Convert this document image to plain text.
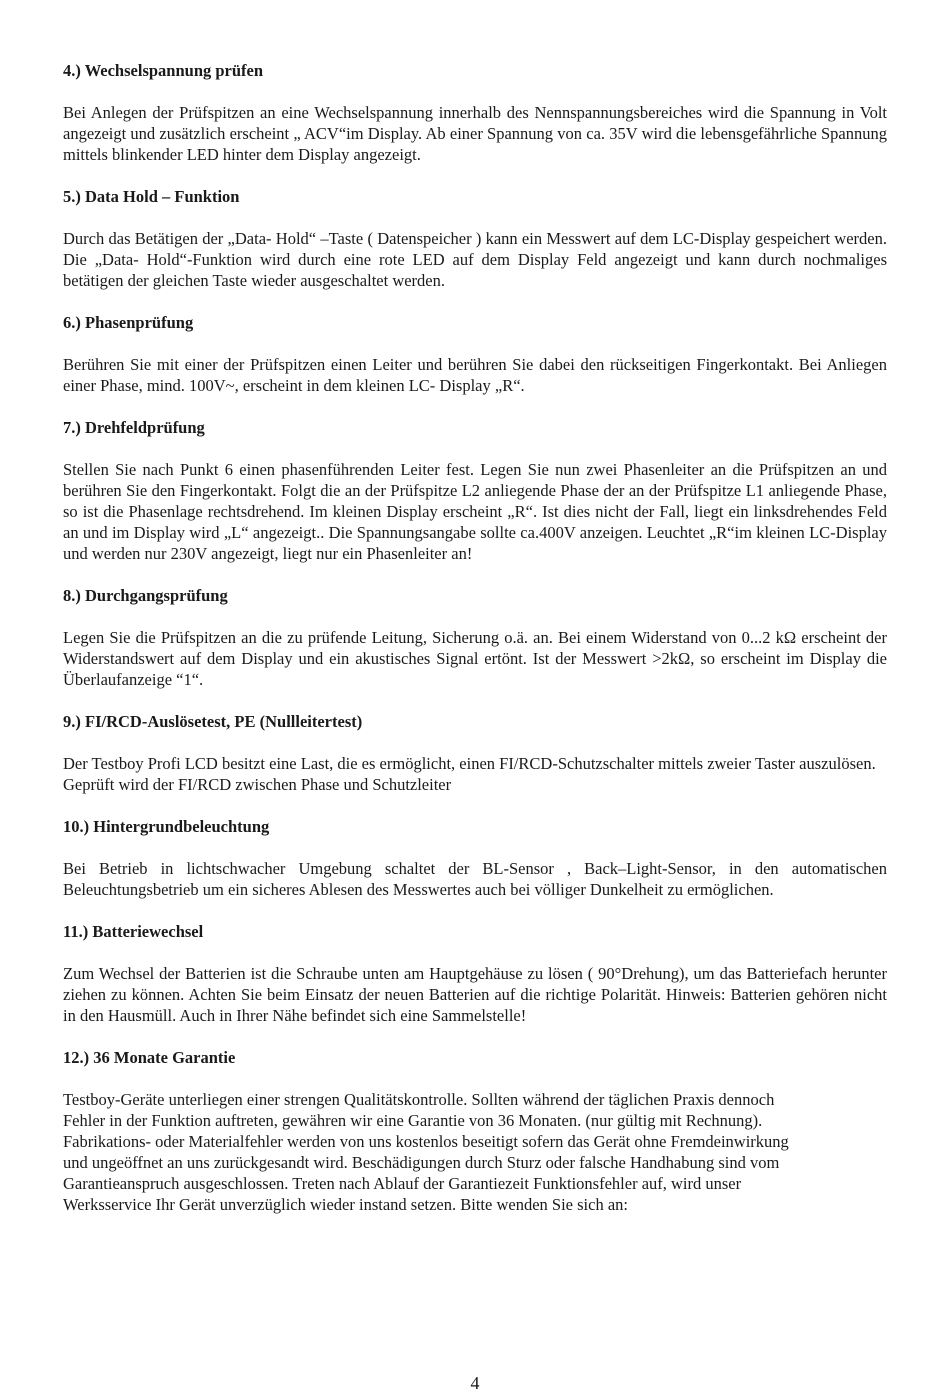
4.) Wechselspannung prüfen
Bei Anlegen der Prüfspitzen an eine Wechselspannung innerhalb des Nennspannungsbereiches wird die Spannung in Volt angezeigt und zusätzlich erscheint „ ACV“im Display. Ab einer Spannung von ca. 35V wird die lebensgefährliche Spannung mittels blinkender LED hinter dem Display angezeigt.
5.) Data Hold – Funktion
Durch das Betätigen der „Data- Hold“ –Taste ( Datenspeicher ) kann ein Messwert auf dem LC-Display gespeichert werden. Die „Data- Hold“-Funktion wird durch eine rote LED auf dem Display Feld angezeigt und kann durch nochmaliges betätigen der gleichen Taste wieder ausgeschaltet werden.
6.) Phasenprüfung
Berühren Sie mit einer der Prüfspitzen einen Leiter und berühren Sie dabei den rückseitigen Fingerkontakt. Bei Anliegen einer Phase, mind. 100V~, erscheint in dem kleinen LC- Display „R“.
7.) Drehfeldprüfung
Stellen Sie nach Punkt 6 einen phasenführenden Leiter fest. Legen Sie nun zwei Phasenleiter an die Prüfspitzen an und berühren Sie den Fingerkontakt. Folgt die an der Prüfspitze L2 anliegende Phase der an der Prüfspitze L1 anliegende Phase, so ist die Phasenlage rechtsdrehend. Im kleinen Display erscheint „R“. Ist dies nicht der Fall, liegt ein linksdrehendes Feld an und im Display wird „L“ angezeigt.. Die Spannungsangabe sollte ca.400V anzeigen. Leuchtet „R“im kleinen LC-Display und werden nur 230V angezeigt, liegt nur ein Phasenleiter an!
8.) Durchgangsprüfung
Legen Sie die Prüfspitzen an die zu prüfende Leitung, Sicherung o.ä. an. Bei einem Widerstand von 0...2 kΩ erscheint der Widerstandswert auf dem Display und ein akustisches Signal ertönt. Ist der Messwert >2kΩ, so erscheint im Display die Überlaufanzeige “1“.
9.) FI/RCD-Auslösetest, PE (Nullleitertest)
Der Testboy Profi LCD besitzt eine Last, die es ermöglicht, einen FI/RCD-Schutzschalter mittels zweier Taster auszulösen. Geprüft wird der FI/RCD zwischen Phase und Schutzleiter
10.) Hintergrundbeleuchtung
Bei Betrieb in lichtschwacher Umgebung schaltet der BL-Sensor , Back–Light-Sensor, in den automatischen Beleuchtungsbetrieb um ein sicheres Ablesen des Messwertes auch bei völliger Dunkelheit zu ermöglichen.
11.) Batteriewechsel
Zum Wechsel der Batterien ist die Schraube unten am Hauptgehäuse zu lösen ( 90°Drehung), um das Batteriefach herunter ziehen zu können. Achten Sie beim Einsatz der neuen Batterien auf die richtige Polarität. Hinweis: Batterien gehören nicht in den Hausmüll. Auch in Ihrer Nähe befindet sich eine Sammelstelle!
12.) 36 Monate Garantie
Testboy-Geräte unterliegen einer strengen Qualitätskontrolle. Sollten während der täglichen Praxis dennoch
Fehler in der Funktion auftreten, gewähren wir eine Garantie von 36 Monaten. (nur gültig mit Rechnung).
Fabrikations- oder Materialfehler werden von uns kostenlos beseitigt sofern das Gerät ohne Fremdeinwirkung
und ungeöffnet an uns zurückgesandt wird. Beschädigungen durch Sturz oder falsche Handhabung sind vom
Garantieanspruch ausgeschlossen. Treten nach Ablauf der Garantiezeit Funktionsfehler auf, wird unser
Werksservice Ihr Gerät unverzüglich wieder instand setzen. Bitte wenden Sie sich an:
4
